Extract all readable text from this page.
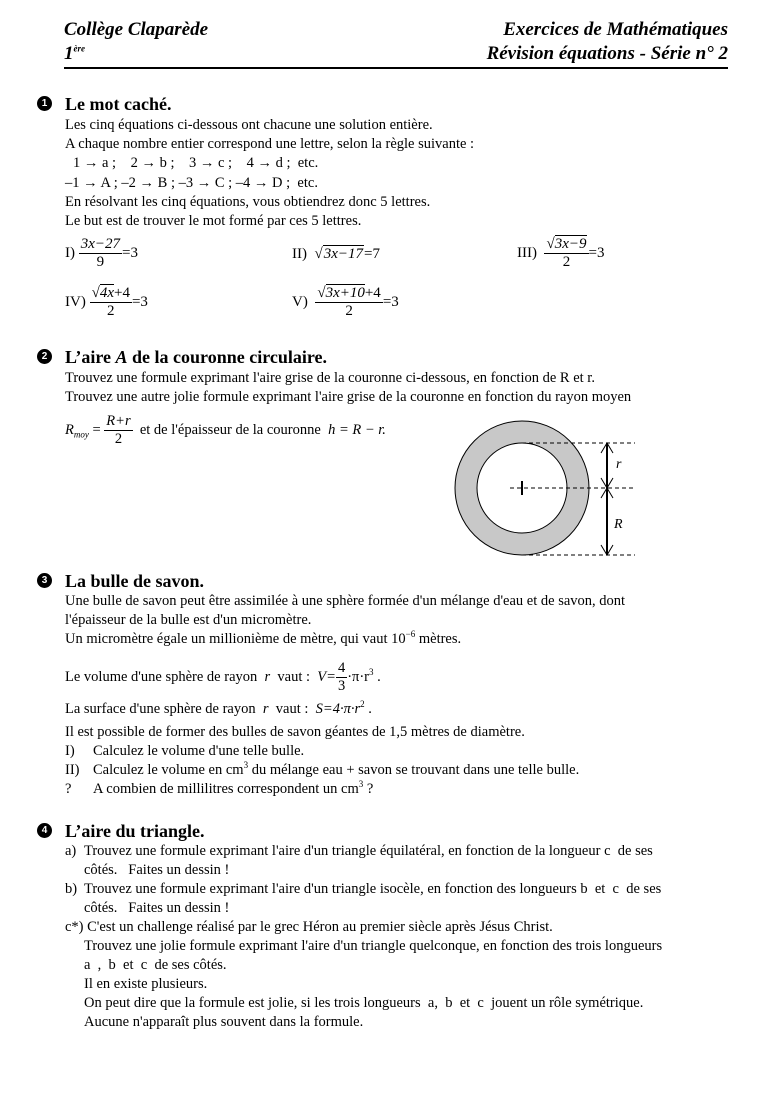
Collège Claparède
1ère
Exercices de Mathématiques
Révision équations - Série n° 2
1 Le mot caché.
Les cinq équations ci-dessous ont chacune une solution entière.
A chaque nombre entier correspond une lettre, selon la règle suivante :
1 → a ;    2 → b ;    3 → c ;    4 → d ;  etc.
–1 → A ; –2 → B ; –3 → C ; –4 → D ;  etc.
En résolvant les cinq équations, vous obtiendrez donc 5 lettres.
Le but est de trouver le mot formé par ces 5 lettres.
$I) \frac{3x-27}{9} =3$	II) √3x−17=7	$III) \frac{√3x-9}{2} =3$
$IV) \frac{√4x+4}{2} =3$	$V) \frac{√3x+10+4}{2} =3$
2 L’aire A de la couronne circulaire.
Trouvez une formule exprimant l'aire grise de la couronne ci-dessous, en fonction de R et r.
Trouvez une autre jolie formule exprimant l'aire grise de la couronne en fonction du rayon moyen
$R_{moy} = \frac{R+r}{2}$ et de l'épaisseur de la couronne h = R − r.
r
R
3 La bulle de savon.
Une bulle de savon peut être assimilée à une sphère formée d'un mélange d'eau et de savon, dont
l'épaisseur de la bulle est d'un micromètre.
Un micromètre égale un millionième de mètre, qui vaut $10^{-6}$ mètres.
Le volume d'une sphère de rayon r vaut : $V= \frac{4}{3} \cdot\pi\cdot r^3$ .
La surface d'une sphère de rayon r vaut : $S=4\cdot\pi\cdot r^2$ .
Il est possible de former des bulles de savon géantes de 1,5 mètres de diamètre.
I) Calculez le volume d'une telle bulle.
II) Calculez le volume en $cm^3$ du mélange eau + savon se trouvant dans une telle bulle.
? A combien de millilitres correspondent un $cm^3$ ?
4 L’aire du triangle.
a) Trouvez une formule exprimant l'aire d'un triangle équilatéral, en fonction de la longueur c  de ses
côtés.   Faites un dessin !
b) Trouvez une formule exprimant l'aire d'un triangle isocèle, en fonction des longueurs b  et  c  de ses
côtés.   Faites un dessin !
c*) C'est un challenge réalisé par le grec Héron au premier siècle après Jésus Christ.
Trouvez une jolie formule exprimant l'aire d'un triangle quelconque, en fonction des trois longueurs
a  ,  b  et  c  de ses côtés.
Il en existe plusieurs.
On peut dire que la formule est jolie, si les trois longueurs  a,  b  et  c  jouent un rôle symétrique.
Aucune n'apparaît plus souvent dans la formule.
